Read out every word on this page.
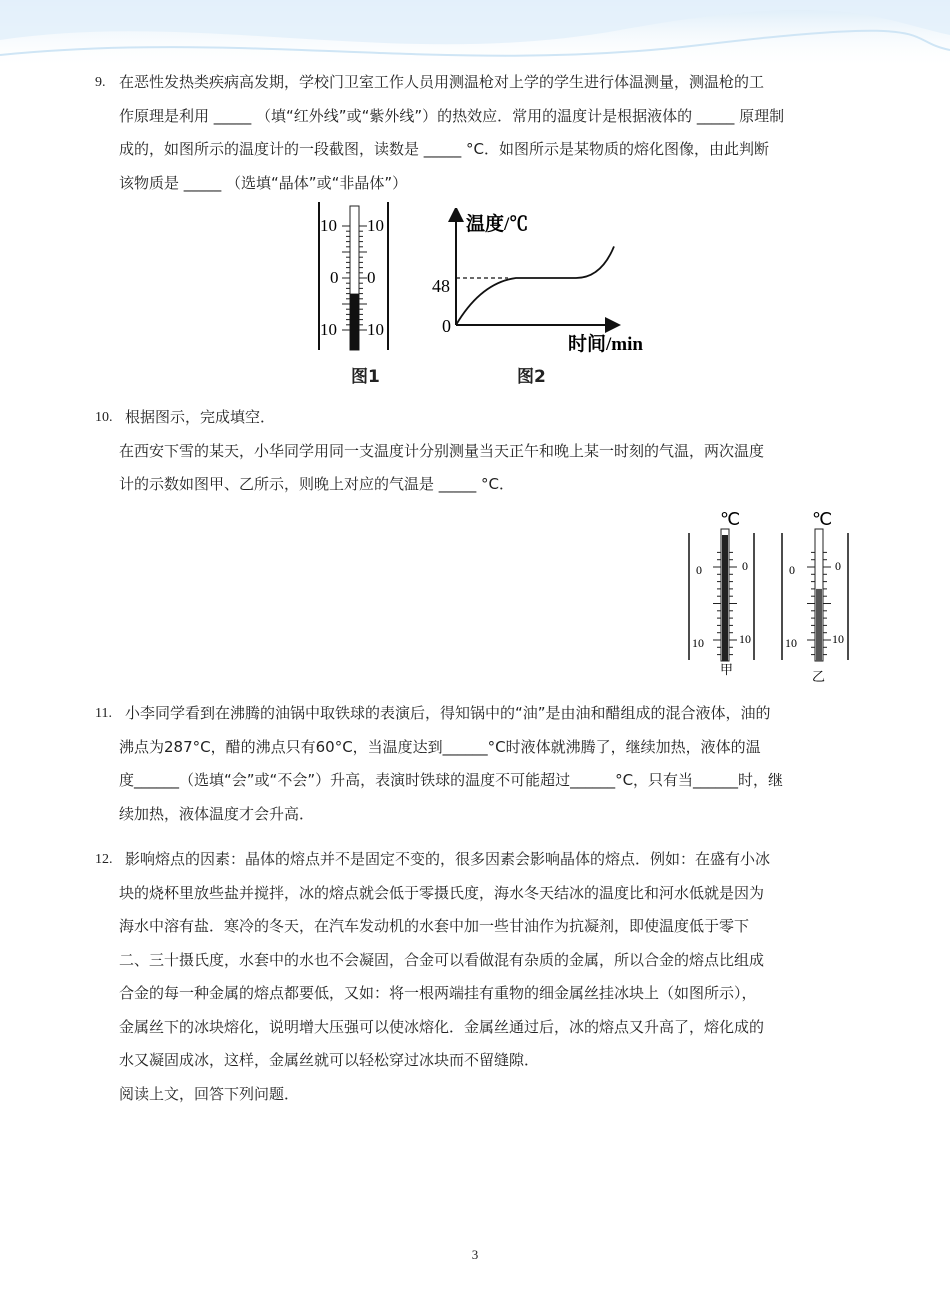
9. 在恶性发热类疾病高发期，学校门卫室工作人员用测温枪对上学的学生进行体温测量，测温枪的工
作原理是利用 _____ （填“红外线”或“紫外线”）的热效应．常用的温度计是根据液体的 _____ 原理制
成的，如图所示的温度计的一段截图，读数是 _____ °C．如图所示是某物质的熔化图像，由此判断
该物质是 _____ （选填“晶体”或“非晶体”）
10 10
0 0
10 10
图1
温度/℃
48
0
时间/min
图2
10. 根据图示，完成填空．
在西安下雪的某天，小华同学用同一支温度计分别测量当天正午和晚上某一时刻的气温，两次温度
计的示数如图甲、乙所示，则晚上对应的气温是 _____ °C．
℃
0	0
10	10
甲
℃
0	0
10	10
乙
11. 小李同学看到在沸腾的油锅中取铁球的表演后，得知锅中的“油”是由油和醋组成的混合液体，油的
沸点为287°C，醋的沸点只有60°C，当温度达到______°C时液体就沸腾了，继续加热，液体的温
度______（选填“会”或“不会”）升高，表演时铁球的温度不可能超过______°C，只有当______时，继
续加热，液体温度才会升高．
12. 影响熔点的因素：晶体的熔点并不是固定不变的，很多因素会影响晶体的熔点．例如：在盛有小冰
块的烧杯里放些盐并搅拌，冰的熔点就会低于零摄氏度，海水冬天结冰的温度比和河水低就是因为
海水中溶有盐．寒冷的冬天，在汽车发动机的水套中加一些甘油作为抗凝剂，即使温度低于零下
二、三十摄氏度，水套中的水也不会凝固，合金可以看做混有杂质的金属，所以合金的熔点比组成
合金的每一种金属的熔点都要低，又如：将一根两端挂有重物的细金属丝挂冰块上（如图所示），
金属丝下的冰块熔化，说明增大压强可以使冰熔化．金属丝通过后，冰的熔点又升高了，熔化成的
水又凝固成冰，这样，金属丝就可以轻松穿过冰块而不留缝隙．
阅读上文，回答下列问题．
3
